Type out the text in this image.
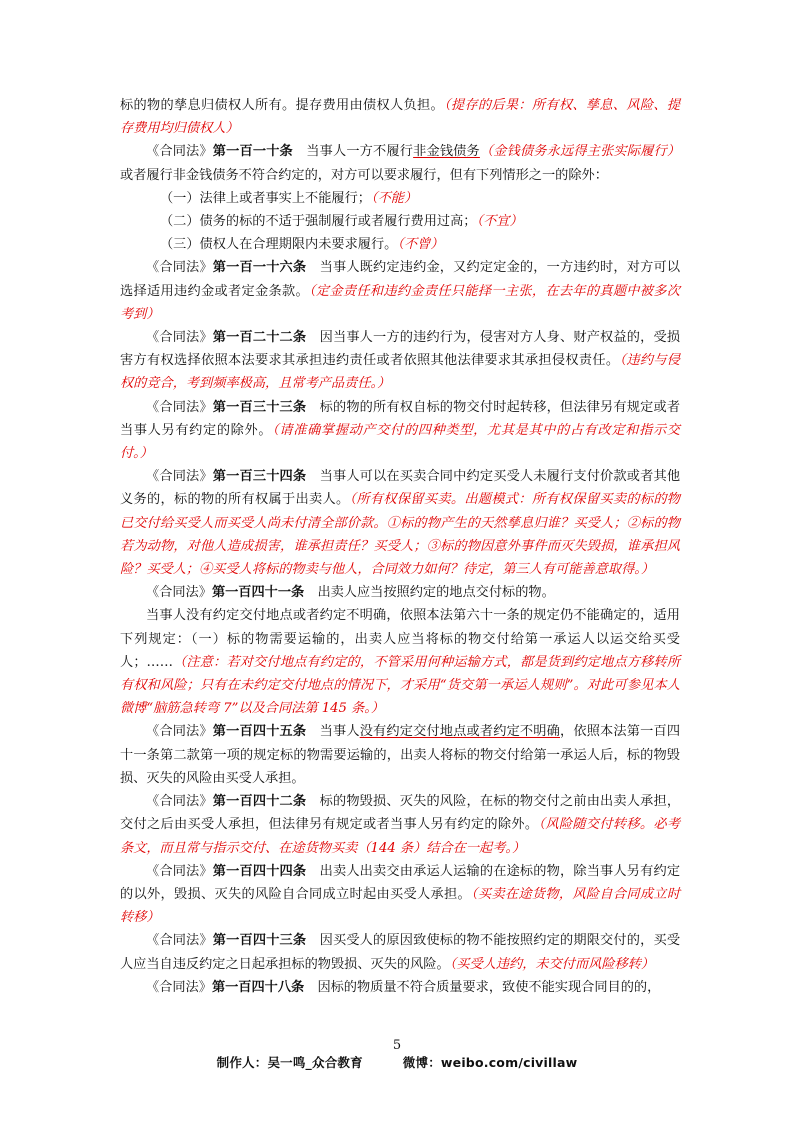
标的物的孳息归债权人所有。提存费用由债权人负担。（提存的后果：所有权、孳息、风险、提存费用均归债权人）

《合同法》第一百一十条　 当事人一方不履行非金钱债务（金钱债务永远得主张实际履行）或者履行非金钱债务不符合约定的，对方可以要求履行，但有下列情形之一的除外：

（一）法律上或者事实上不能履行；（不能）

（二）债务的标的不适于强制履行或者履行费用过高；（不宜）

（三）债权人在合理期限内未要求履行。（不曾）

《合同法》第一百一十六条　 当事人既约定违约金，又约定定金的，一方违约时，对方可以选择适用违约金或者定金条款。（定金责任和违约金责任只能择一主张，在去年的真题中被多次考到）

《合同法》第一百二十二条　 因当事人一方的违约行为，侵害对方人身、财产权益的，受损害方有权选择依照本法要求其承担违约责任或者依照其他法律要求其承担侵权责任。（违约与侵权的竞合，考到频率极高，且常考产品责任。）

《合同法》第一百三十三条　 标的物的所有权自标的物交付时起转移，但法律另有规定或者当事人另有约定的除外。（请准确掌握动产交付的四种类型，尤其是其中的占有改定和指示交付。）

《合同法》第一百三十四条　 当事人可以在买卖合同中约定买受人未履行支付价款或者其他义务的，标的物的所有权属于出卖人。（所有权保留买卖。出题模式：所有权保留买卖的标的物已交付给买受人而买受人尚未付清全部价款。①标的物产生的天然孳息归谁？买受人；②标的物若为动物，对他人造成损害，谁承担责任？买受人；③标的物因意外事件而灭失毁损，谁承担风险？买受人；④买受人将标的物卖与他人，合同效力如何？待定，第三人有可能善意取得。）

《合同法》第一百四十一条　 出卖人应当按照约定的地点交付标的物。

当事人没有约定交付地点或者约定不明确，依照本法第六十一条的规定仍不能确定的，适用下列规定：（一）标的物需要运输的，出卖人应当将标的物交付给第一承运人以运交给买受人；……（注意：若对交付地点有约定的，不管采用何种运输方式，都是货到约定地点方移转所有权和风险；只有在未约定交付地点的情况下，才采用“货交第一承运人规则”。对此可参见本人微博“脑筋急转弯 7”以及合同法第 145 条。）

《合同法》第一百四十五条　 当事人没有约定交付地点或者约定不明确，依照本法第一百四十一条第二款第一项的规定标的物需要运输的，出卖人将标的物交付给第一承运人后，标的物毁损、灭失的风险由买受人承担。

《合同法》第一百四十二条　 标的物毁损、灭失的风险，在标的物交付之前由出卖人承担，交付之后由买受人承担，但法律另有规定或者当事人另有约定的除外。（风险随交付转移。必考条文，而且常与指示交付、在途货物买卖（144 条）结合在一起考。）

《合同法》第一百四十四条　 出卖人出卖交由承运人运输的在途标的物，除当事人另有约定的以外，毁损、灭失的风险自合同成立时起由买受人承担。（买卖在途货物，风险自合同成立时转移）

《合同法》第一百四十三条　 因买受人的原因致使标的物不能按照约定的期限交付的，买受人应当自违反约定之日起承担标的物毁损、灭失的风险。（买受人违约，未交付而风险移转）

《合同法》第一百四十八条　 因标的物质量不符合质量要求，致使不能实现合同目的的，

5
制作人：吴一鸣_众合教育	微博：weibo.com/civillaw
